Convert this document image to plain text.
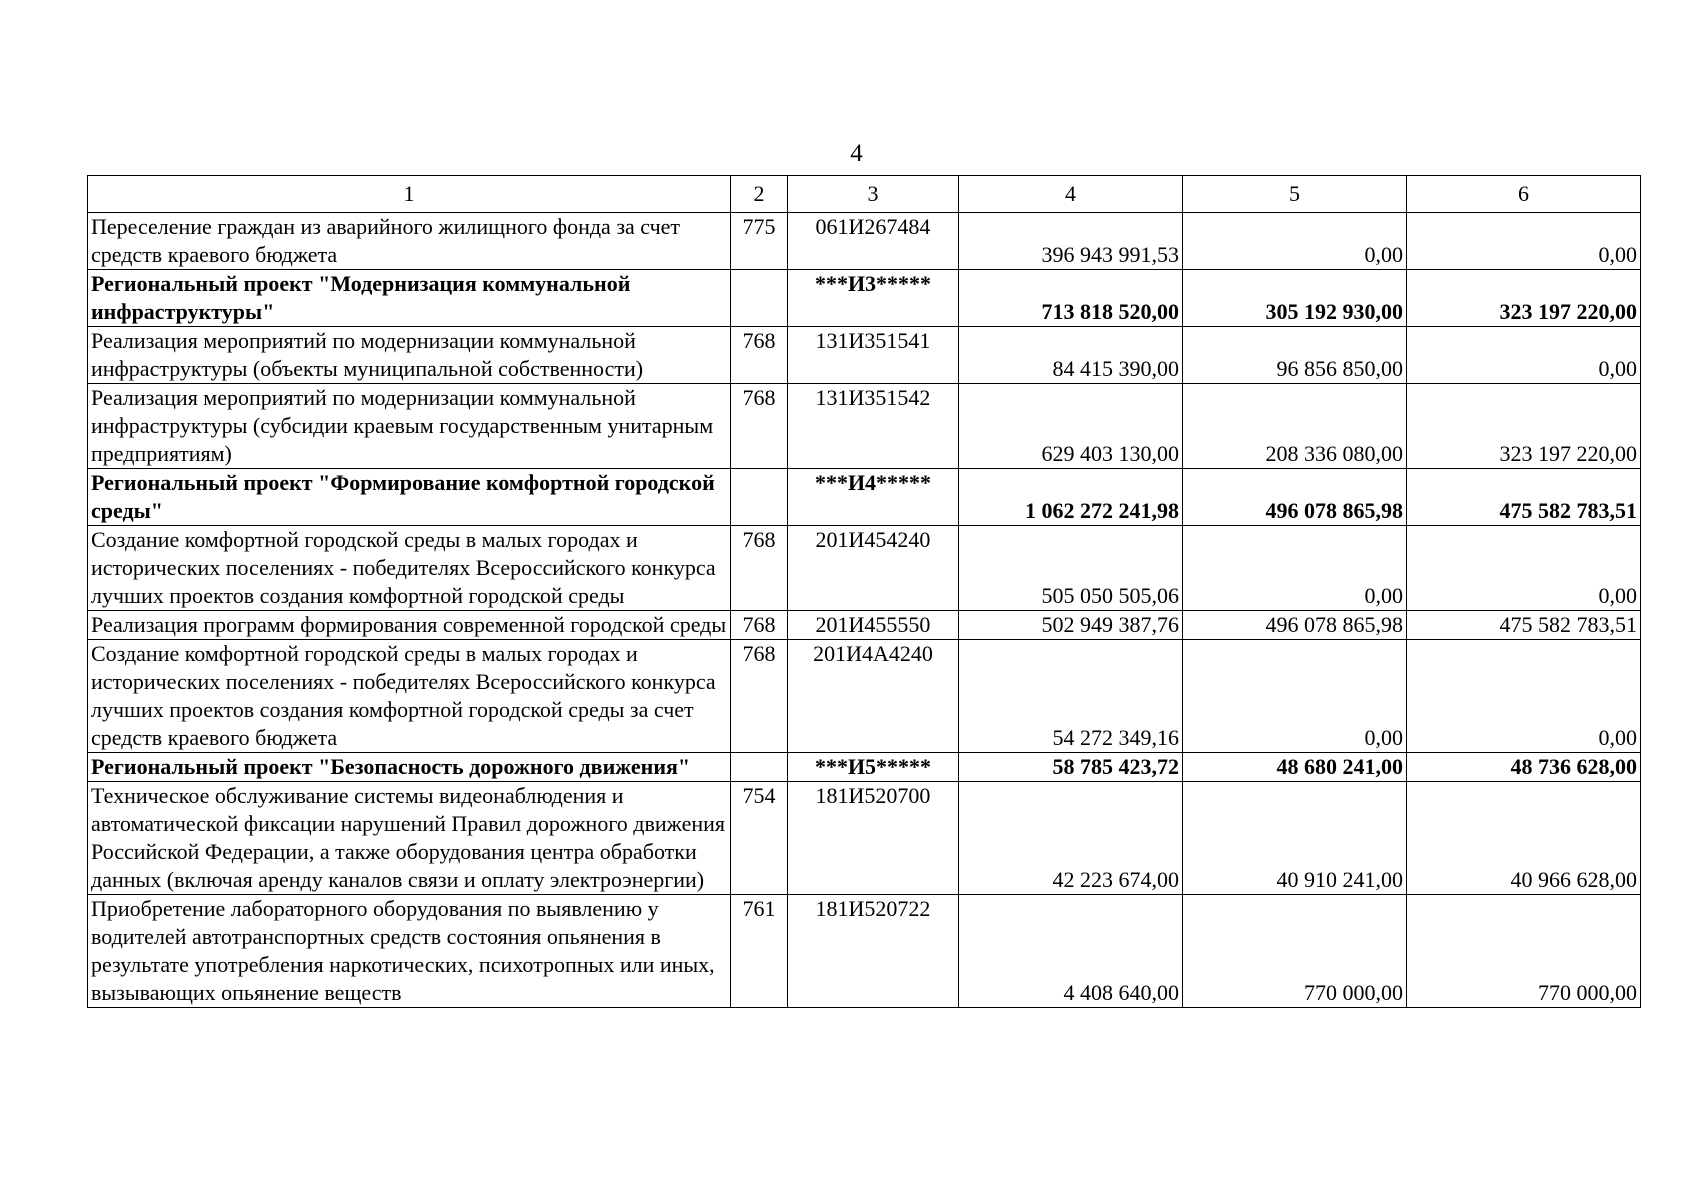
4
1	2	3	4	5	6
Переселение граждан из аварийного жилищного фонда за счет средств краевого бюджета	775	061И267484	396 943 991,53	0,00	0,00
Региональный проект "Модернизация коммунальной инфраструктуры"		***И3*****	713 818 520,00	305 192 930,00	323 197 220,00
Реализация мероприятий по модернизации коммунальной инфраструктуры (объекты муниципальной собственности)	768	131И351541	84 415 390,00	96 856 850,00	0,00
Реализация мероприятий по модернизации коммунальной инфраструктуры (субсидии краевым государственным унитарным предприятиям)	768	131И351542	629 403 130,00	208 336 080,00	323 197 220,00
Региональный проект "Формирование комфортной городской среды"		***И4*****	1 062 272 241,98	496 078 865,98	475 582 783,51
Создание комфортной городской среды в малых городах и исторических поселениях - победителях Всероссийского конкурса лучших проектов создания комфортной городской среды	768	201И454240	505 050 505,06	0,00	0,00
Реализация программ формирования современной городской среды	768	201И455550	502 949 387,76	496 078 865,98	475 582 783,51
Создание комфортной городской среды в малых городах и исторических поселениях - победителях Всероссийского конкурса лучших проектов создания комфортной городской среды за счет средств краевого бюджета	768	201И4А4240	54 272 349,16	0,00	0,00
Региональный проект "Безопасность дорожного движения"		***И5*****	58 785 423,72	48 680 241,00	48 736 628,00
Техническое обслуживание системы видеонаблюдения и автоматической фиксации нарушений Правил дорожного движения Российской Федерации, а также оборудования центра обработки данных (включая аренду каналов связи и оплату электроэнергии)	754	181И520700	42 223 674,00	40 910 241,00	40 966 628,00
Приобретение лабораторного оборудования по выявлению у водителей автотранспортных средств состояния опьянения в результате употребления наркотических, психотропных или иных, вызывающих опьянение веществ	761	181И520722	4 408 640,00	770 000,00	770 000,00
